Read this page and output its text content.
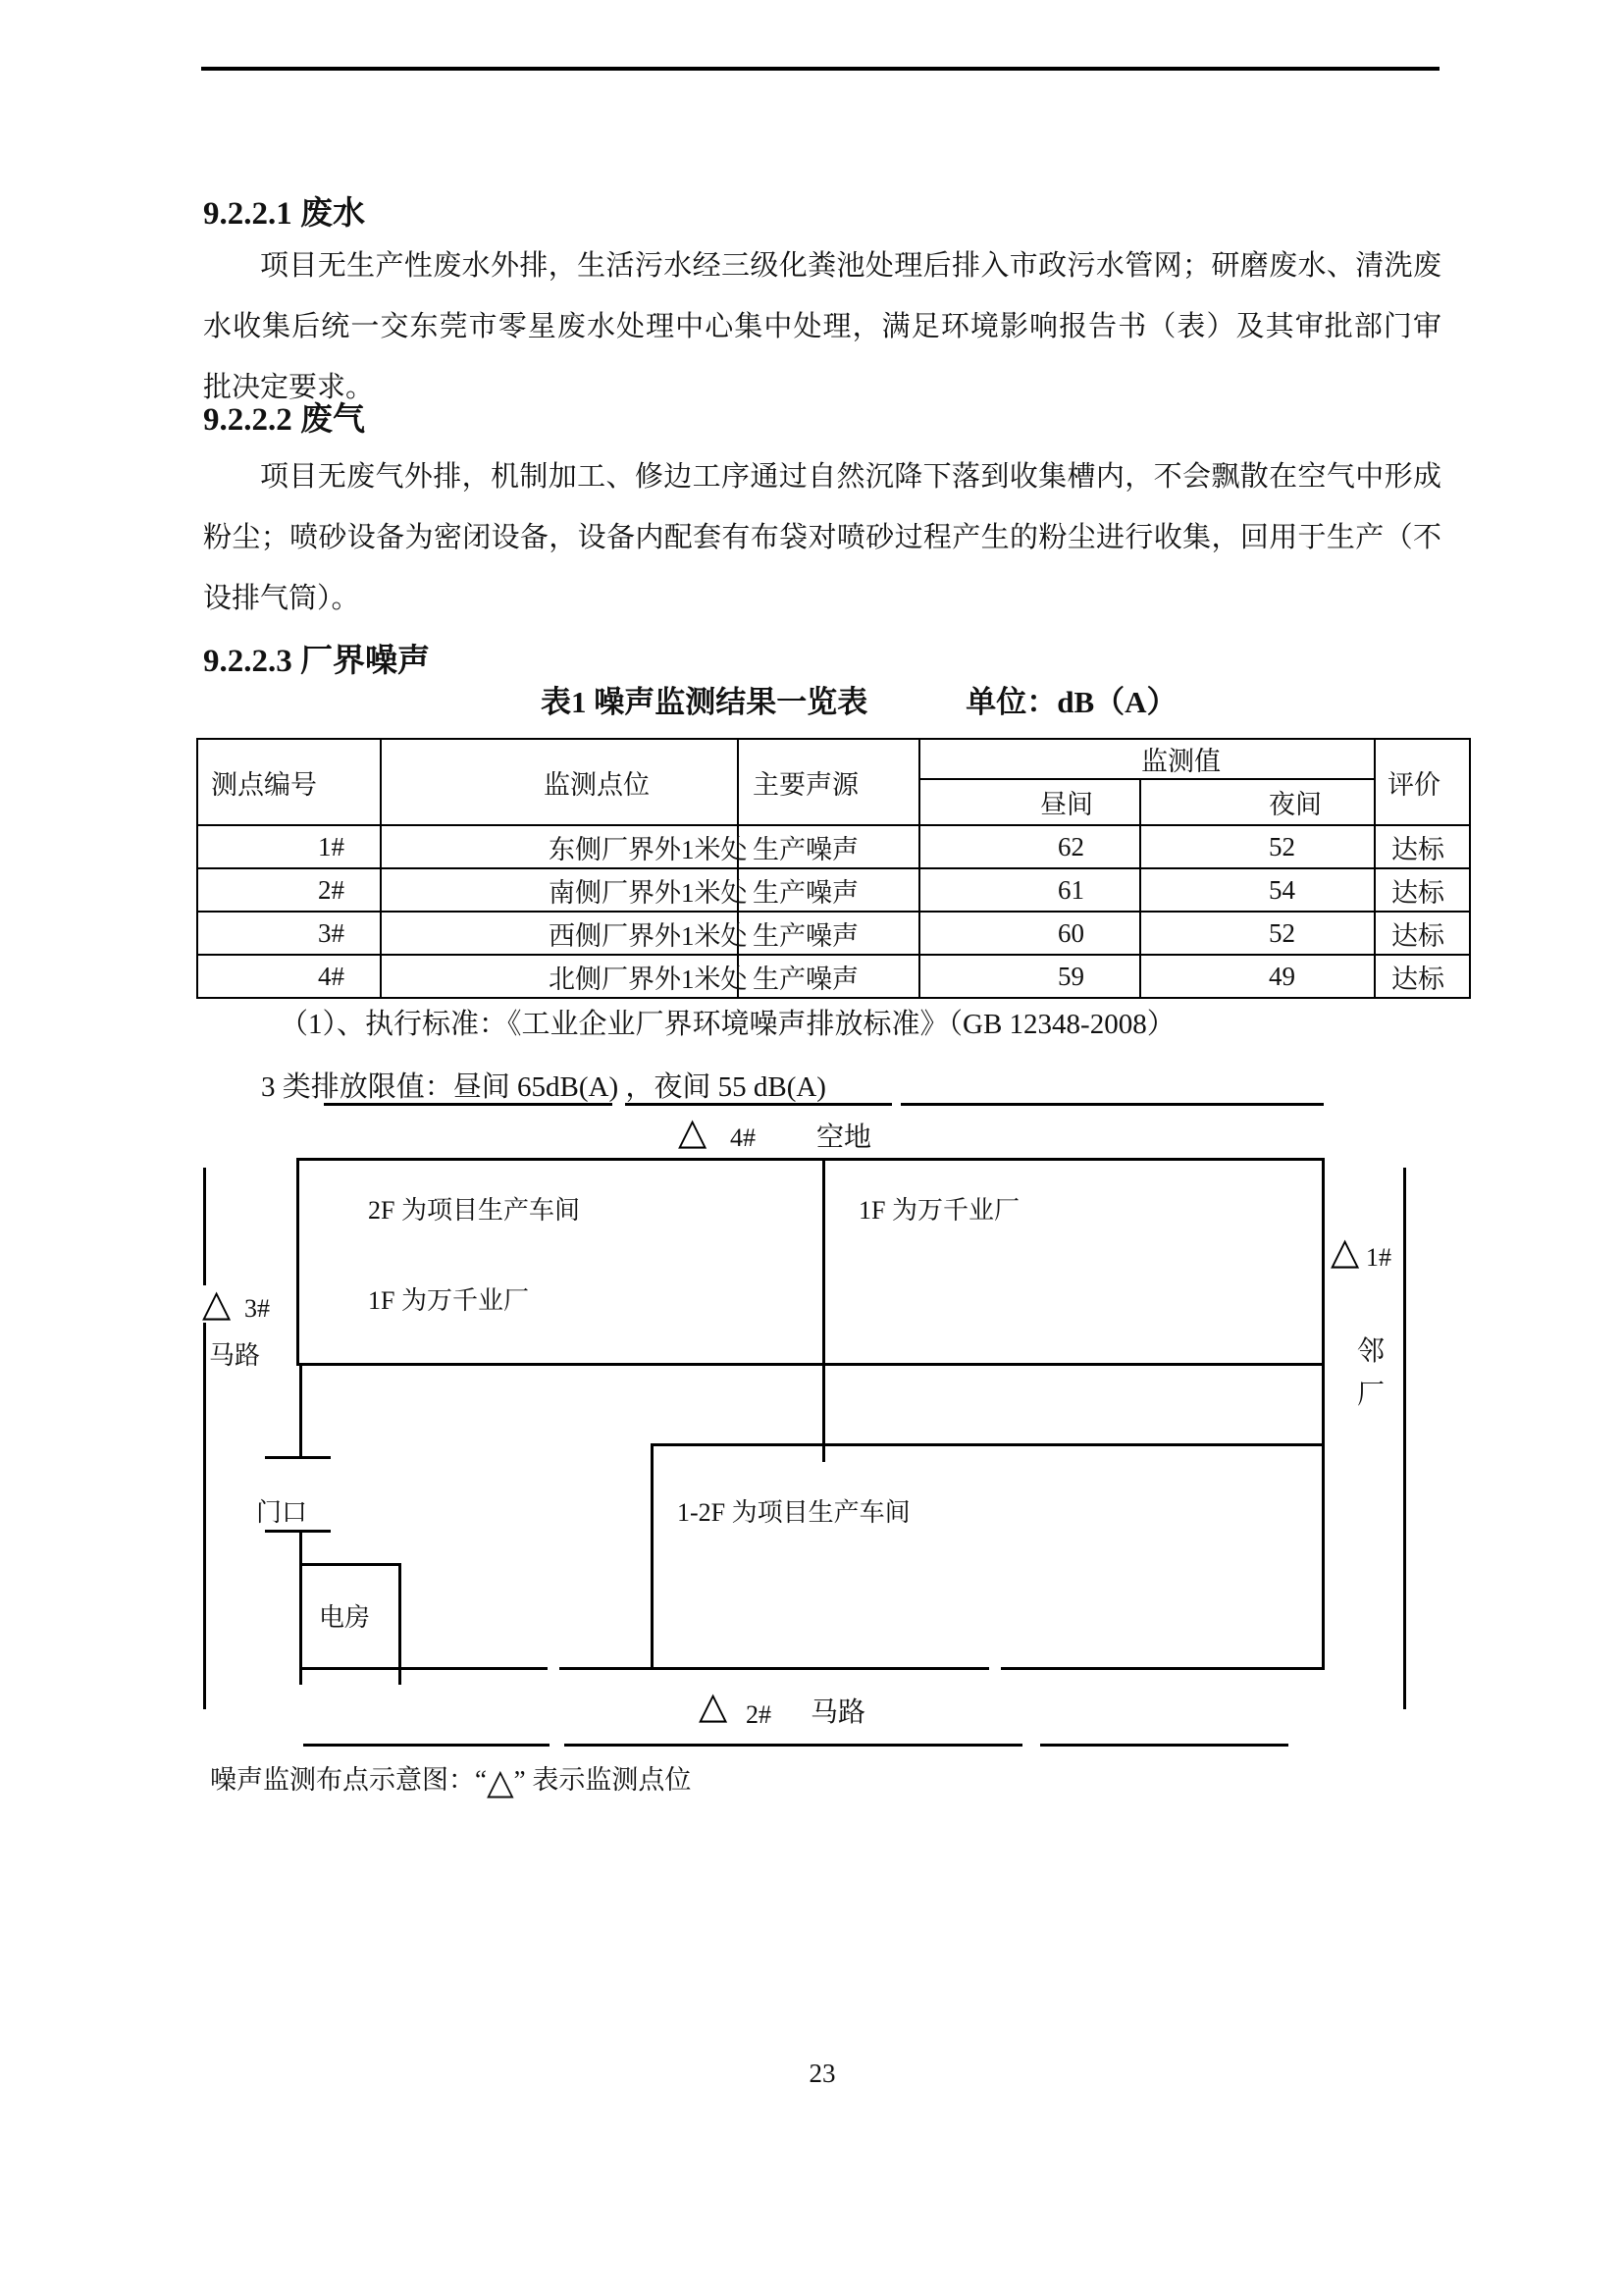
9.2.2.1 废水
项目无生产性废水外排，生活污水经三级化粪池处理后排入市政污水管网；研磨废水、清洗废
水收集后统一交东莞市零星废水处理中心集中处理，满足环境影响报告书（表）及其审批部门审
批决定要求。
9.2.2.2 废气
项目无废气外排，机制加工、修边工序通过自然沉降下落到收集槽内，不会飘散在空气中形成
粉尘；喷砂设备为密闭设备，设备内配套有布袋对喷砂过程产生的粉尘进行收集，回用于生产（不
设排气筒）。
9.2.2.3 厂界噪声
表1 噪声监测结果一览表	单位：dB（A）
测点编号	监测点位	主要声源	监测值		评价
			昼间	夜间	
1#	东侧厂界外1米处	生产噪声	62	52	达标
2#	南侧厂界外1米处	生产噪声	61	54	达标
3#	西侧厂界外1米处	生产噪声	60	52	达标
4#	北侧厂界外1米处	生产噪声	59	49	达标
（1）、执行标准：《工业企业厂界环境噪声排放标准》（GB 12348-2008）
3 类排放限值：昼间 65dB(A) ，夜间 55 dB(A)
△ 4# 空地
△ 3#
马路
△ 1#
邻
厂
△ 2# 马路
2F 为项目生产车间
1F 为万千业厂
1F 为万千业厂
门口
电房
1-2F 为项目生产车间
噪声监测布点示意图：“△” 表示监测点位
23
